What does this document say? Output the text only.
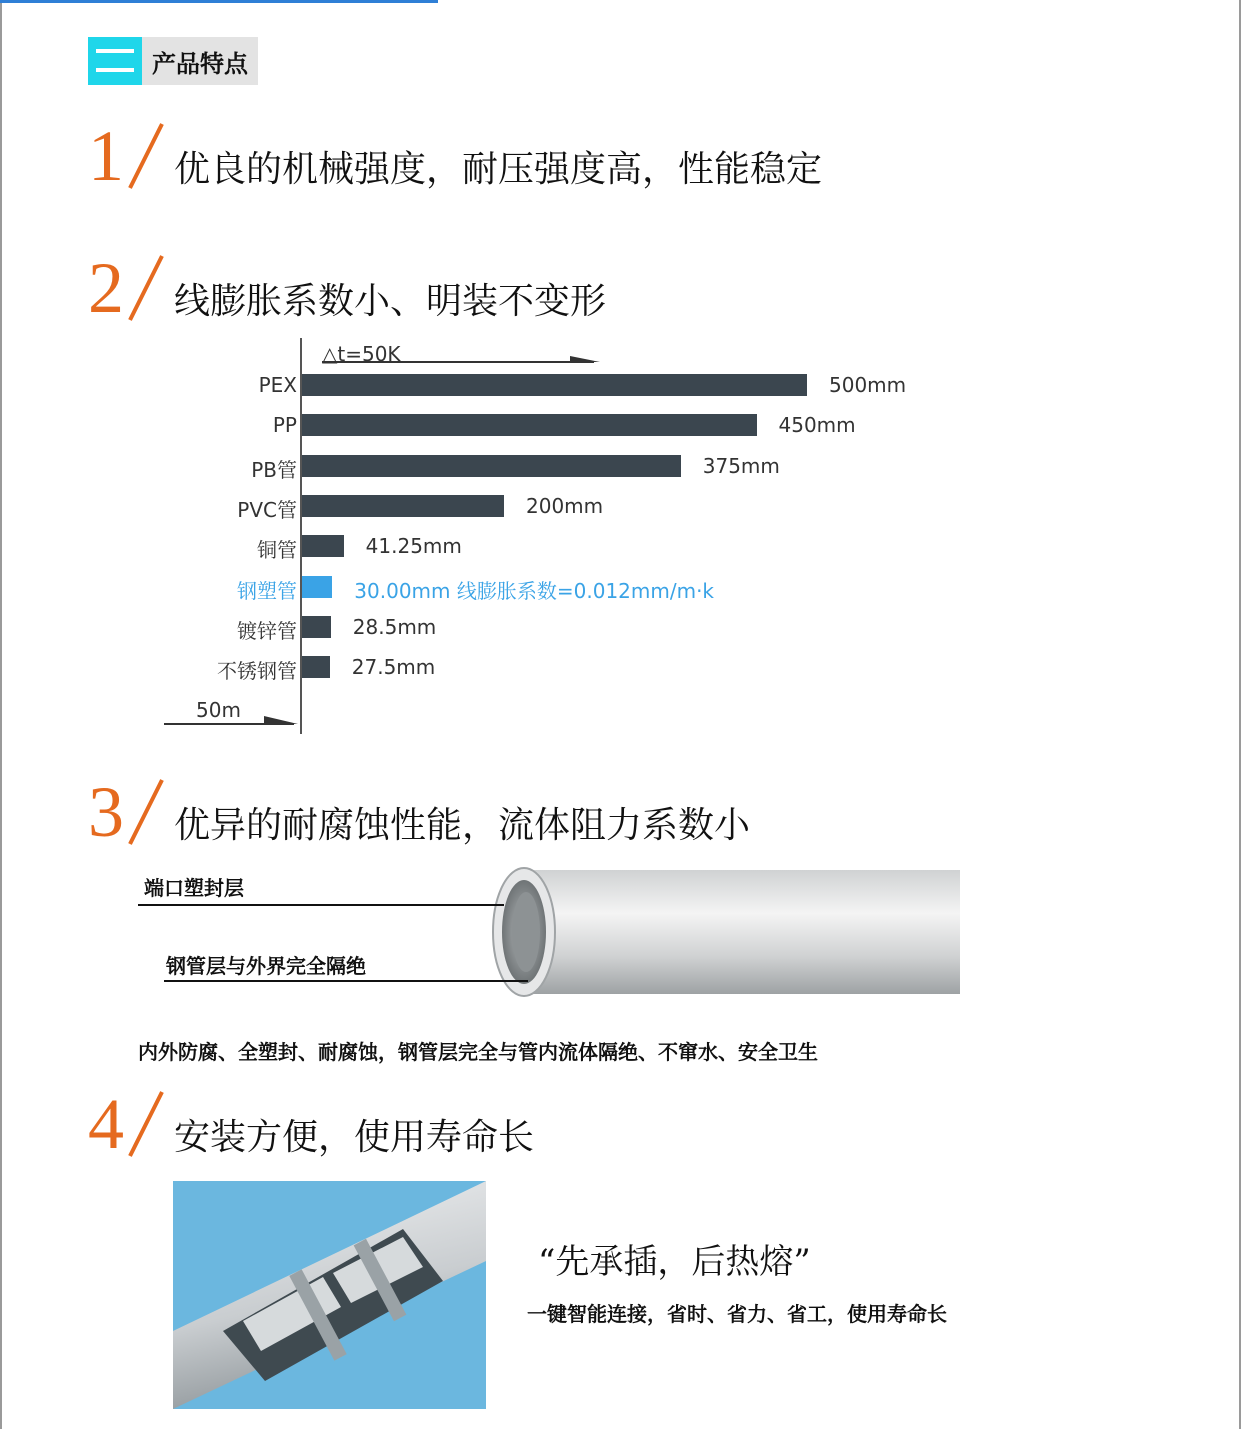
产品特点
1 优良的机械强度，耐压强度高，性能稳定
2 线膨胀系数小、明装不变形
△t=50K
50m
PEX	500mm
PP	450mm
PB管	375mm
PVC管	200mm
铜管	41.25mm
钢塑管	30.00mm 线膨胀系数=0.012mm/m·k
镀锌管	28.5mm
不锈钢管	27.5mm
3 优异的耐腐蚀性能，流体阻力系数小
端口塑封层
钢管层与外界完全隔绝
内外防腐、全塑封、耐腐蚀，钢管层完全与管内流体隔绝、不窜水、安全卫生
4 安装方便，使用寿命长
“先承插，后热熔”
一键智能连接，省时、省力、省工，使用寿命长
